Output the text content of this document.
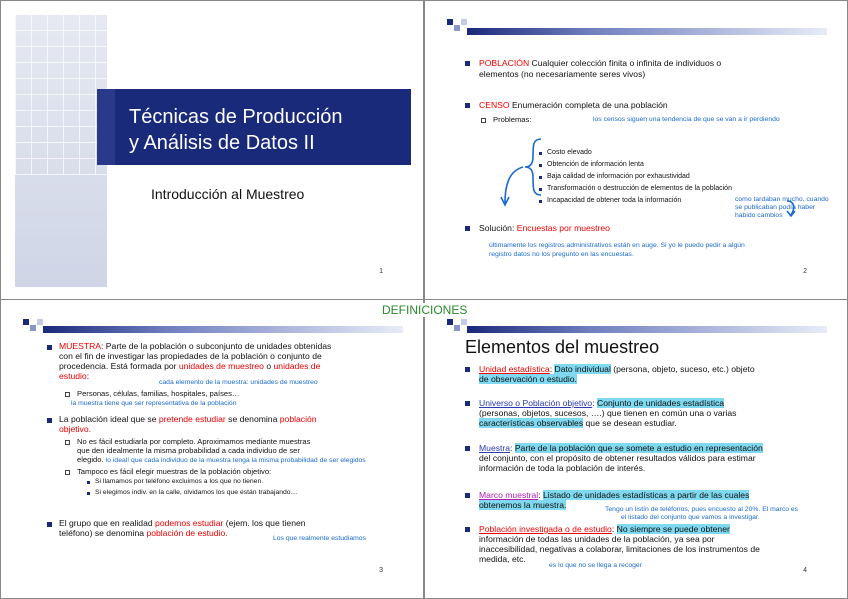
Técnicas de Producción
y Análisis de Datos II
Introducción al Muestreo
1
POBLACIÓN Cualquier colección finita o infinita de individuos o
elementos (no necesariamente seres vivos)
CENSO Enumeración completa de una población
Problemas:	los censos siguen una tendencia de que se van a ir perdiendo
Costo elevado
Obtención de información lenta
Baja calidad de información por exhaustividad
Transformación o destrucción de elementos de la población
Incapacidad de obtener toda la información	como tardaban mucho, cuando se publicaban podía haber habido cambios
Solución: Encuestas por muestreo
últimamente los registros administrativos están en auge. Si yo le puedo pedir a algún
registro datos no los pregunto en las encuestas.
2
MUESTRA: Parte de la población o subconjunto de unidades obtenidas
con el fin de investigar las propiedades de la población o conjunto de
procedencia. Está formada por unidades de muestreo o unidades de
estudio:
cada elemento de la muestra: unidades de muestreo
Personas, células, familias, hospitales, países…
la muestra tiene que ser representativa de la población
La población ideal que se pretende estudiar se denomina población
objetivo.
No es fácil estudiarla por completo. Aproximamos mediante muestras
que den idealmente la misma probabilidad a cada individuo de ser
elegido. lo ideal! que cada individuo de la muestra tenga la misma probabilidad de ser elegidos
Tampoco es fácil elegir muestras de la población objetivo:
Si llamamos por teléfono excluimos a los que no tienen.
Si elegimos indiv. en la calle, olvidamos los que están trabajando…
El grupo que en realidad podemos estudiar (ejem. los que tienen
teléfono) se denomina población de estudio.
Los que realmente estudiamos
3
Elementos del muestreo
Unidad estadística: Dato individual (persona, objeto, suceso, etc.) objeto
de observación o estudio.
Universo o Población objetivo: Conjunto de unidades estadística
(personas, objetos, sucesos, ….) que tienen en común una o varias
características observables que se desean estudiar.
Muestra: Parte de la población que se somete a estudio en representación
del conjunto, con el propósito de obtener resultados válidos para estimar
información de toda la población de interés.
Marco muestral: Listado de unidades estadísticas a partir de las cuales
obtenemos la muestra.	Tengo un listín de teléfonos, pues encuesto al 20%. El marco es
el listado del conjunto que vamos a investigar.
Población investigada o de estudio: No siempre se puede obtener
información de todas las unidades de la población, ya sea por
inaccesibilidad, negativas a colaborar, limitaciones de los instrumentos de
medida, etc.
es lo que no se llega a recoger
4
DEFINICIONES
